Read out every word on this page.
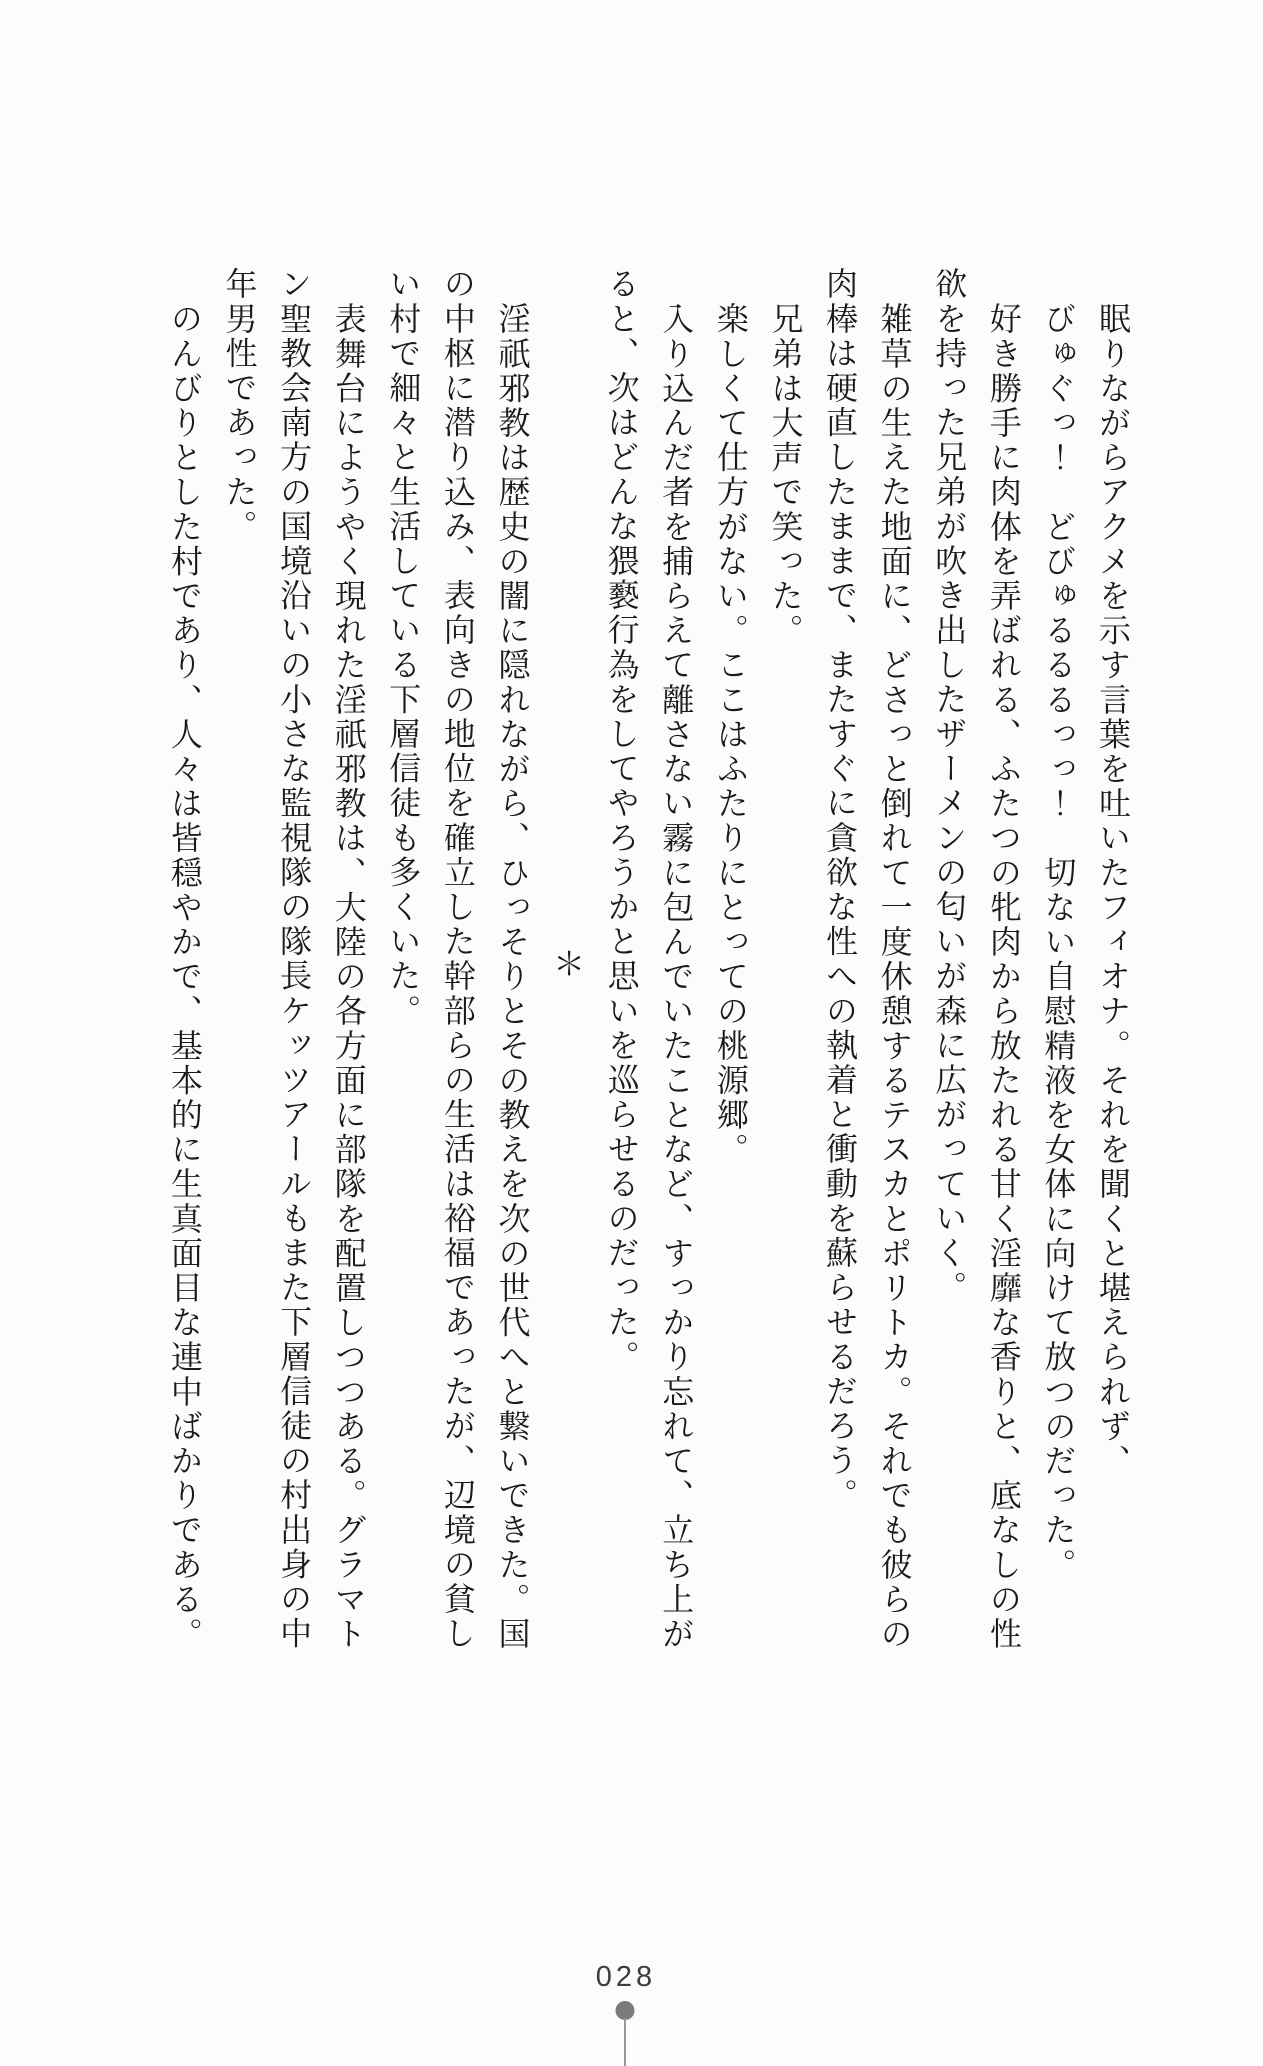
眠りながらアクメを示す言葉を吐いたフィオナ。それを聞くと堪えられず、

びゅぐっ！　どびゅるるるっっ！　切ない自慰精液を女体に向けて放つのだった。

好き勝手に肉体を弄ばれる、ふたつの牝肉から放たれる甘く淫靡な香りと、底なしの性欲を持った兄弟が吹き出したザーメンの匂いが森に広がっていく。

雑草の生えた地面に、どさっと倒れて一度休憩するテスカとポリトカ。それでも彼らの肉棒は硬直したままで、またすぐに貪欲な性への執着と衝動を蘇らせるだろう。

兄弟は大声で笑った。

楽しくて仕方がない。ここはふたりにとっての桃源郷。

入り込んだ者を捕らえて離さない霧に包んでいたことなど、すっかり忘れて、立ち上がると、次はどんな猥褻行為をしてやろうかと思いを巡らせるのだった。

＊

淫祇邪教は歴史の闇に隠れながら、ひっそりとその教えを次の世代へと繋いできた。国の中枢に潜り込み、表向きの地位を確立した幹部らの生活は裕福であったが、辺境の貧しい村で細々と生活している下層信徒も多くいた。

表舞台にようやく現れた淫祇邪教は、大陸の各方面に部隊を配置しつつある。グラマトン聖教会南方の国境沿いの小さな監視隊の隊長ケッツアールもまた下層信徒の村出身の中年男性であった。

のんびりとした村であり、人々は皆穏やかで、基本的に生真面目な連中ばかりである。

028
